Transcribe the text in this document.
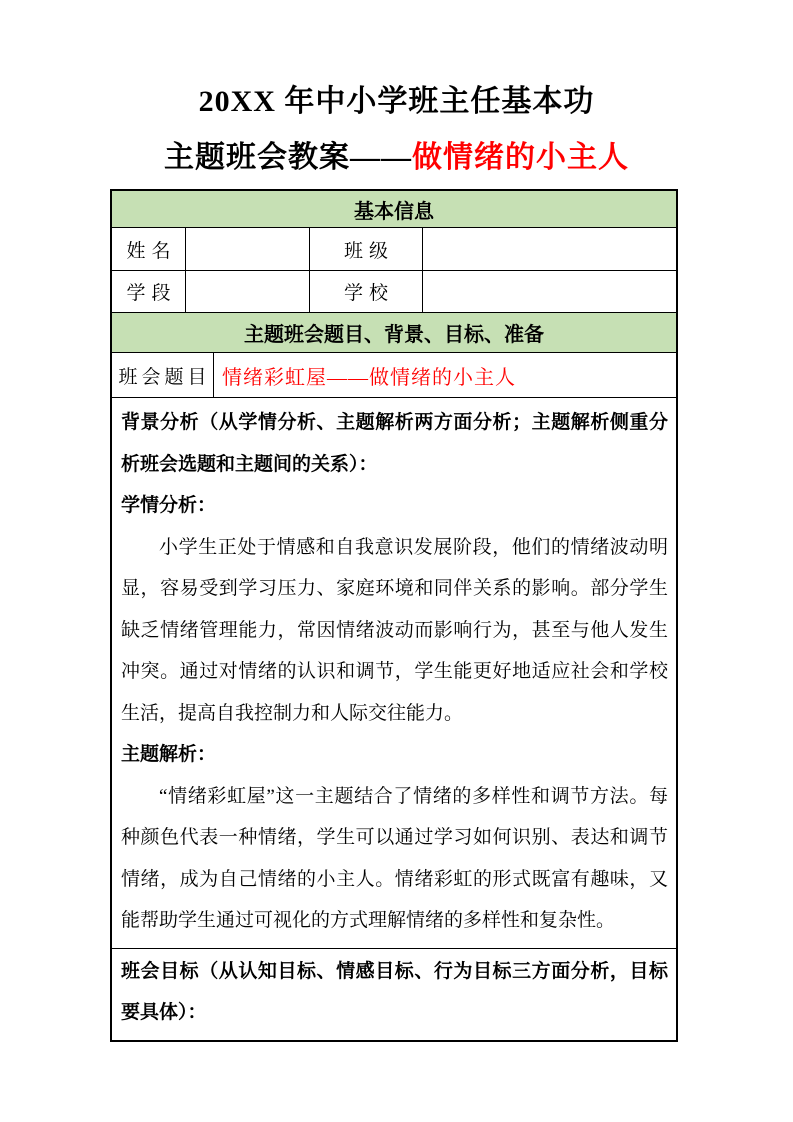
20XX 年中小学班主任基本功
主题班会教案——做情绪的小主人
基本信息
姓名	班级
学段	学校
主题班会题目、背景、目标、准备
班会题目 情绪彩虹屋——做情绪的小主人

背景分析（从学情分析、主题解析两方面分析；主题解析侧重分析班会选题和主题间的关系）：

学情分析：

小学生正处于情感和自我意识发展阶段，他们的情绪波动明显，容易受到学习压力、家庭环境和同伴关系的影响。部分学生缺乏情绪管理能力，常因情绪波动而影响行为，甚至与他人发生冲突。通过对情绪的认识和调节，学生能更好地适应社会和学校生活，提高自我控制力和人际交往能力。

主题解析：

“情绪彩虹屋”这一主题结合了情绪的多样性和调节方法。每种颜色代表一种情绪，学生可以通过学习如何识别、表达和调节情绪，成为自己情绪的小主人。情绪彩虹的形式既富有趣味，又能帮助学生通过可视化的方式理解情绪的多样性和复杂性。

班会目标（从认知目标、情感目标、行为目标三方面分析，目标要具体）：
